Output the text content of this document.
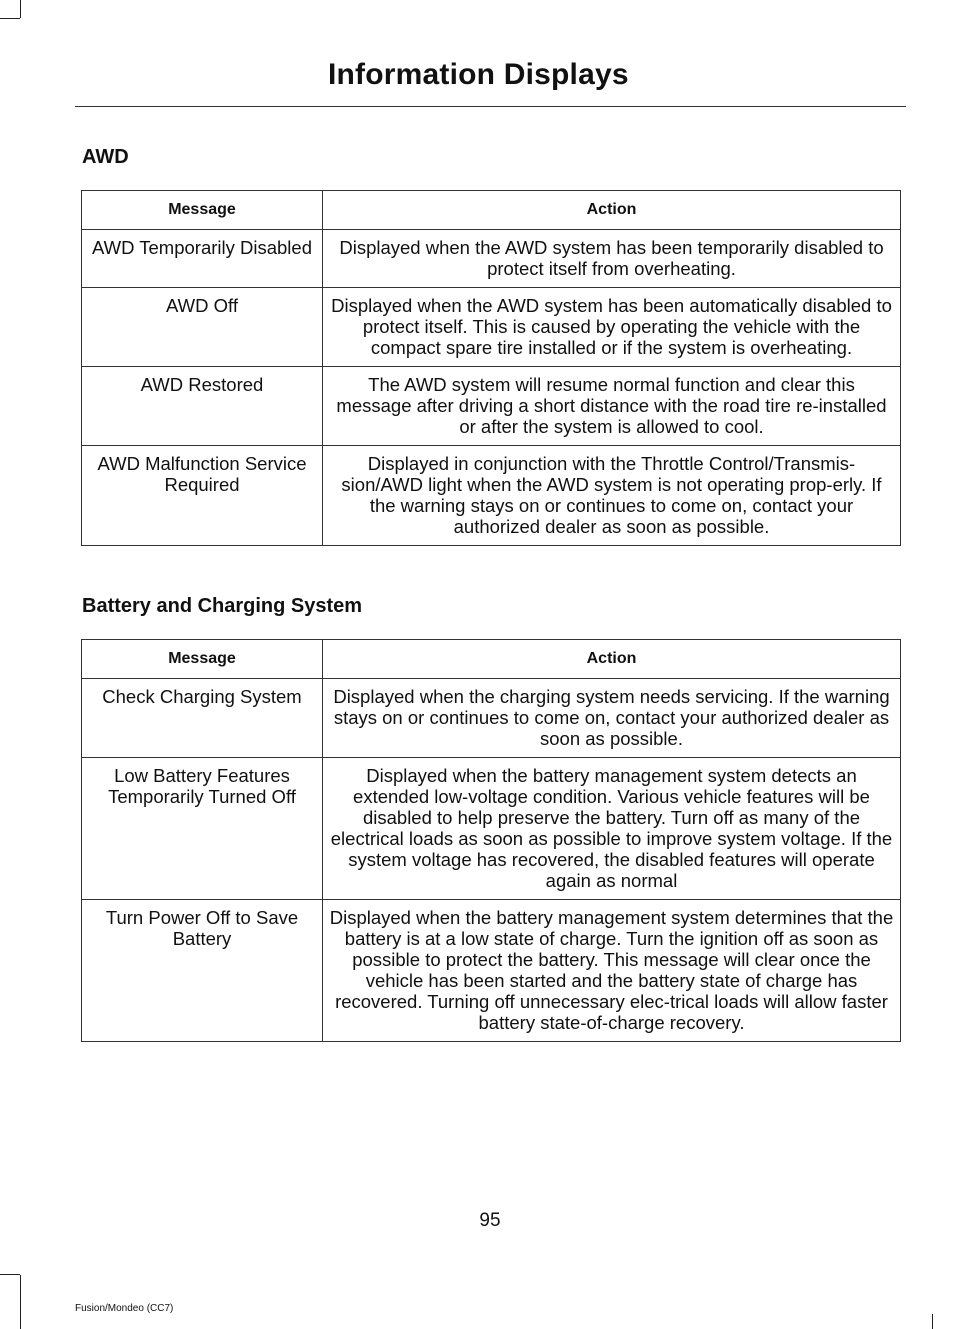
Information Displays
AWD
Message	Action
AWD Temporarily Disabled	Displayed when the AWD system has been temporarily disabled to protect itself from overheating.
AWD Off	Displayed when the AWD system has been automatically disabled to protect itself. This is caused by operating the vehicle with the compact spare tire installed or if the system is overheating.
AWD Restored	The AWD system will resume normal function and clear this message after driving a short distance with the road tire re-installed or after the system is allowed to cool.
AWD Malfunction Service Required	Displayed in conjunction with the Throttle Control/Transmis-sion/AWD light when the AWD system is not operating prop-erly. If the warning stays on or continues to come on, contact your authorized dealer as soon as possible.
Battery and Charging System
Message	Action
Check Charging System	Displayed when the charging system needs servicing. If the warning stays on or continues to come on, contact your authorized dealer as soon as possible.
Low Battery Features Temporarily Turned Off	Displayed when the battery management system detects an extended low-voltage condition. Various vehicle features will be disabled to help preserve the battery. Turn off as many of the electrical loads as soon as possible to improve system voltage. If the system voltage has recovered, the disabled features will operate again as normal
Turn Power Off to Save Battery	Displayed when the battery management system determines that the battery is at a low state of charge. Turn the ignition off as soon as possible to protect the battery. This message will clear once the vehicle has been started and the battery state of charge has recovered. Turning off unnecessary elec-trical loads will allow faster battery state-of-charge recovery.
95
Fusion/Mondeo (CC7)
